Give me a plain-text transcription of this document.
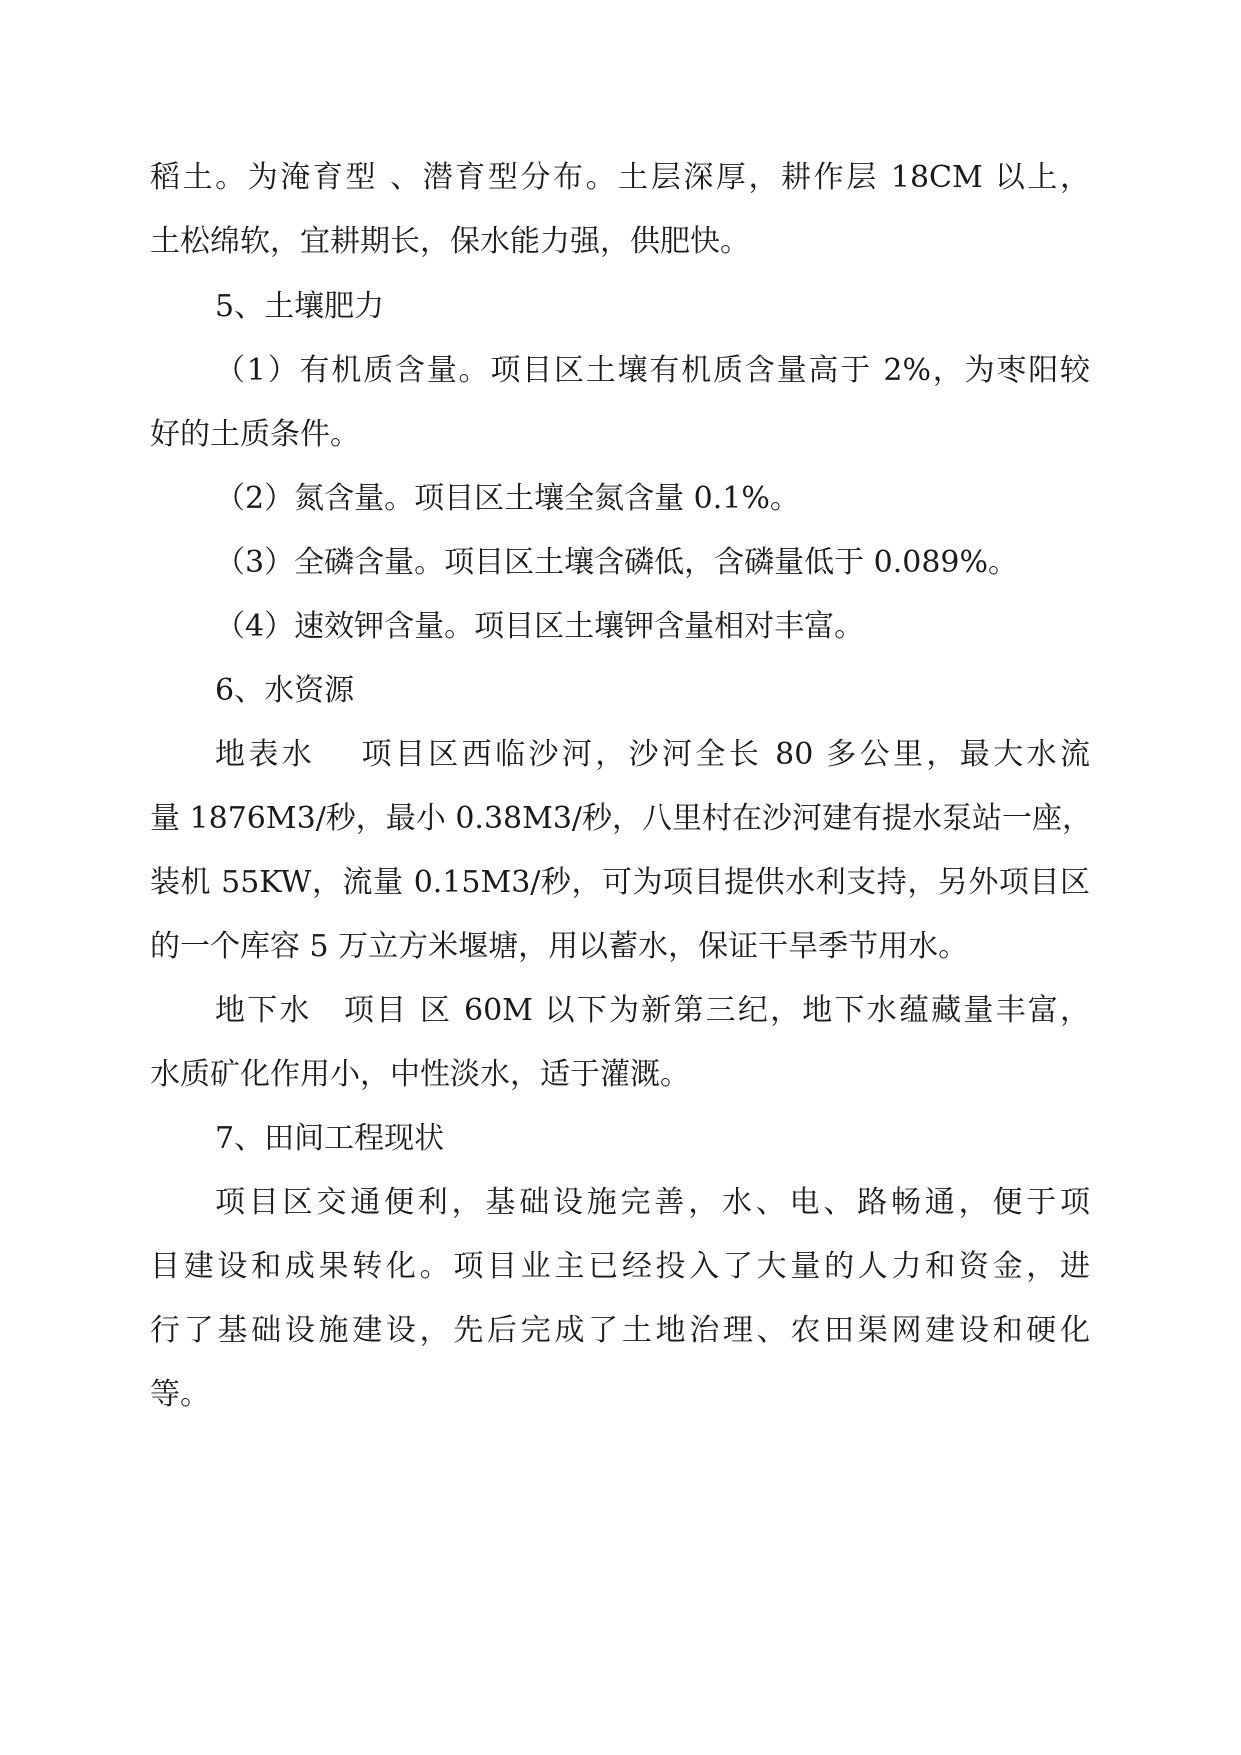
稻土。为淹育型 、潜育型分布。土层深厚，耕作层 18CM 以上，
土松绵软，宜耕期长，保水能力强，供肥快。
5、土壤肥力
（1）有机质含量。项目区土壤有机质含量高于 2%，为枣阳较
好的土质条件。
（2）氮含量。项目区土壤全氮含量 0.1%。
（3）全磷含量。项目区土壤含磷低，含磷量低于 0.089%。
（4）速效钾含量。项目区土壤钾含量相对丰富。
6、水资源
地表水　 项目区西临沙河，沙河全长 80 多公里，最大水流
量 1876M3/秒，最小 0.38M3/秒，八里村在沙河建有提水泵站一座，
装机 55KW，流量 0.15M3/秒，可为项目提供水利支持，另外项目区
的一个库容 5 万立方米堰塘，用以蓄水，保证干旱季节用水。
地下水　项目 区 60M 以下为新第三纪，地下水蕴藏量丰富，
水质矿化作用小，中性淡水，适于灌溉。
7、田间工程现状
项目区交通便利，基础设施完善，水、电、路畅通，便于项
目建设和成果转化。项目业主已经投入了大量的人力和资金，进
行了基础设施建设，先后完成了土地治理、农田渠网建设和硬化
等。
